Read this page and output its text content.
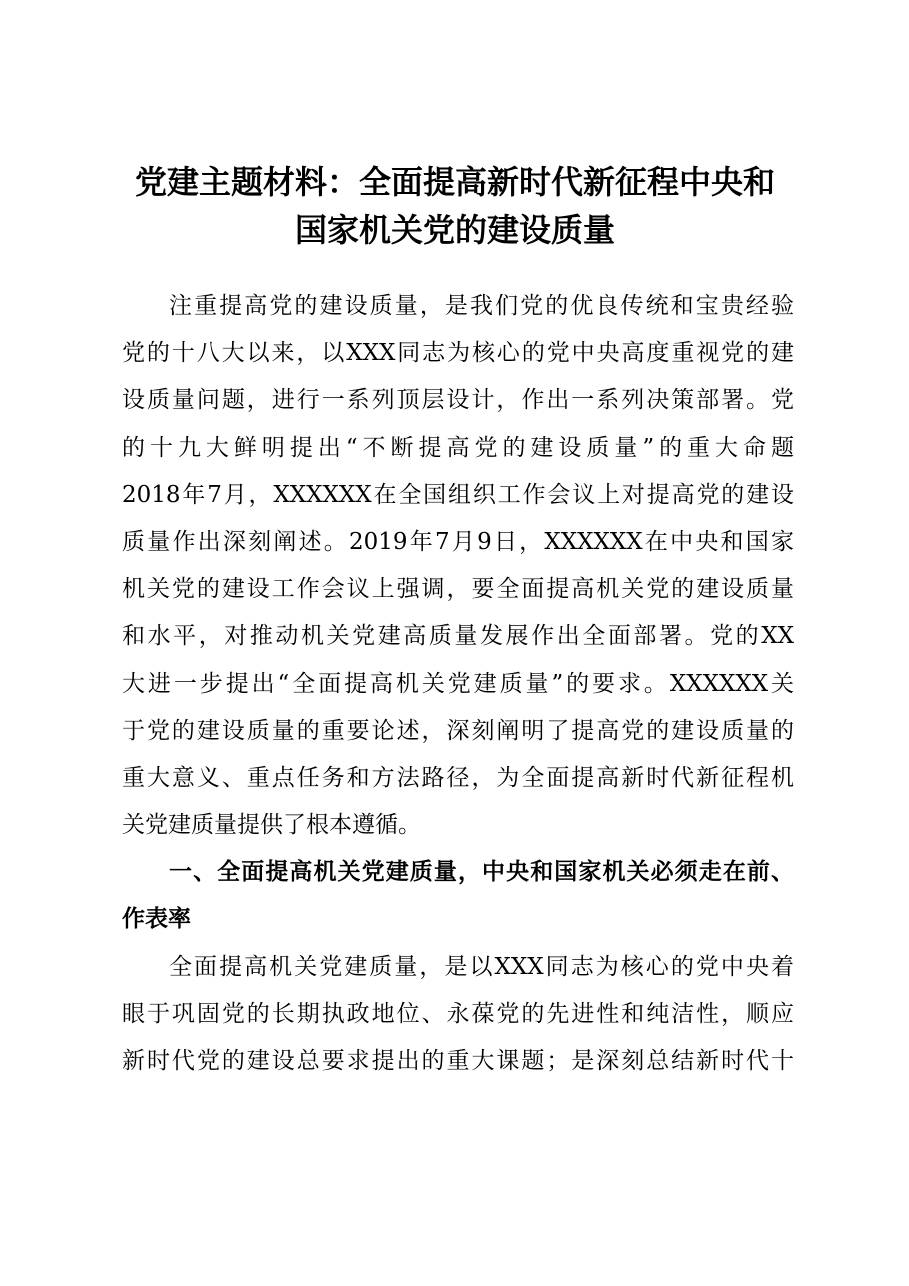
党建主题材料：全面提高新时代新征程中央和
国家机关党的建设质量
注重提高党的建设质量，是我们党的优良传统和宝贵经验
党的十八大以来，以XXX同志为核心的党中央高度重视党的建
设质量问题，进行一系列顶层设计，作出一系列决策部署。党
的十九大鲜明提出“不断提高党的建设质量”的重大命题
2018年7月，XXXXXX在全国组织工作会议上对提高党的建设
质量作出深刻阐述。2019年7月9日，XXXXXX在中央和国家
机关党的建设工作会议上强调，要全面提高机关党的建设质量
和水平，对推动机关党建高质量发展作出全面部署。党的XX
大进一步提出“全面提高机关党建质量”的要求。XXXXXX关
于党的建设质量的重要论述，深刻阐明了提高党的建设质量的
重大意义、重点任务和方法路径，为全面提高新时代新征程机
关党建质量提供了根本遵循。
一、全面提高机关党建质量，中央和国家机关必须走在前、
作表率
全面提高机关党建质量，是以XXX同志为核心的党中央着
眼于巩固党的长期执政地位、永葆党的先进性和纯洁性，顺应
新时代党的建设总要求提出的重大课题；是深刻总结新时代十
